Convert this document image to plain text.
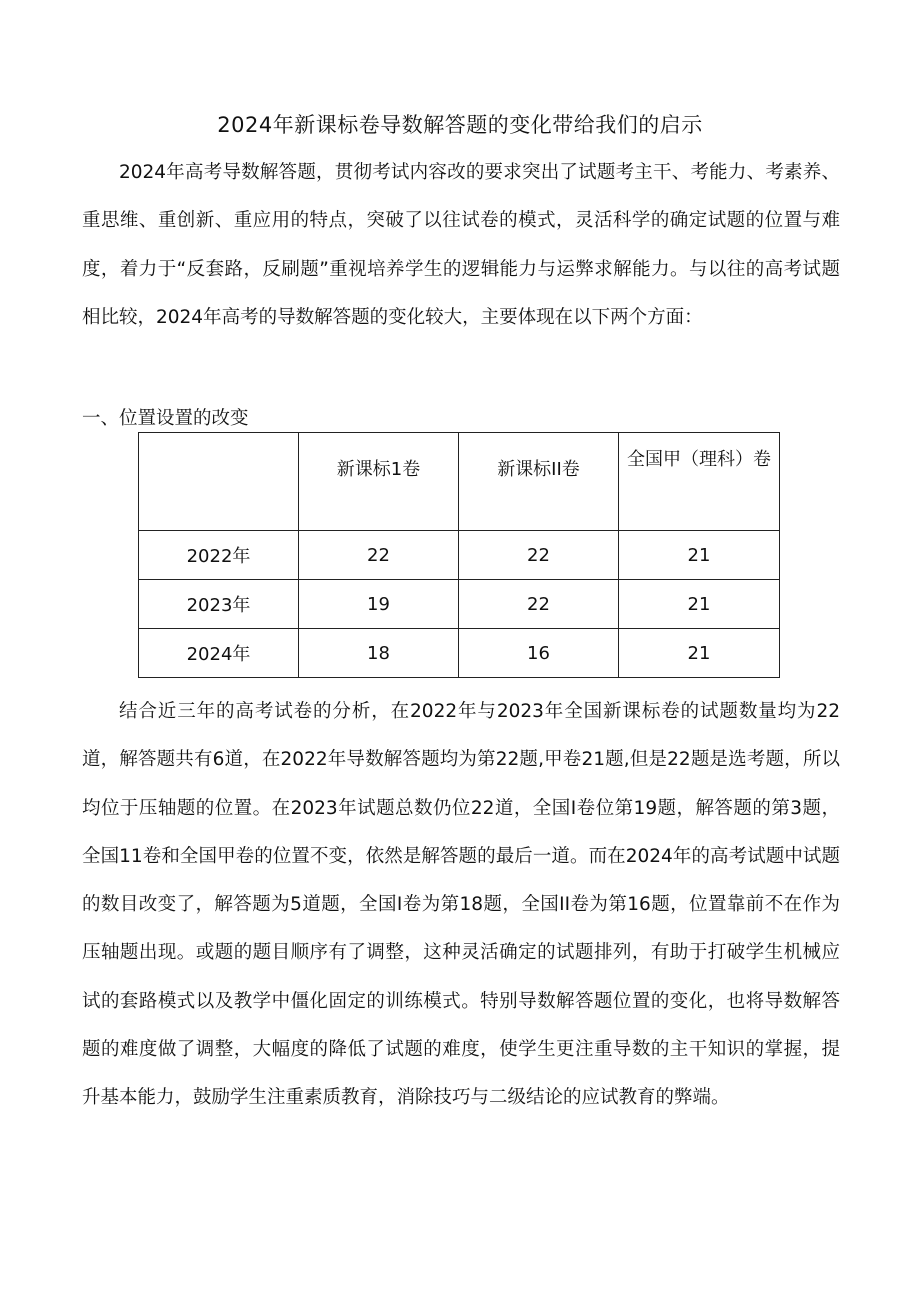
2024年新课标卷导数解答题的变化带给我们的启示

2024年高考导数解答题，贯彻考试内容改的要求突出了试题考主干、考能力、考素养、重思维、重创新、重应用的特点，突破了以往试卷的模式，灵活科学的确定试题的位置与难度，着力于“反套路，反刷题”重视培养学生的逻辑能力与运弊求解能力。与以往的高考试题相比较，2024年高考的导数解答题的变化较大，主要体现在以下两个方面：

一、位置设置的改变
	新课标1卷	新课标II卷	全国甲（理科）卷
2022年	22	22	21
2023年	19	22	21
2024年	18	16	21

结合近三年的高考试卷的分析，在2022年与2023年全国新课标卷的试题数量均为22道，解答题共有6道，在2022年导数解答题均为第22题,甲卷21题,但是22题是选考题，所以均位于压轴题的位置。在2023年试题总数仍位22道，全国I卷位第19题，解答题的第3题，全国11卷和全国甲卷的位置不变，依然是解答题的最后一道。而在2024年的高考试题中试题的数目改变了，解答题为5道题，全国I卷为第18题，全国II卷为第16题，位置靠前不在作为压轴题出现。或题的题目顺序有了调整，这种灵活确定的试题排列，有助于打破学生机械应试的套路模式以及教学中僵化固定的训练模式。特别导数解答题位置的变化，也将导数解答题的难度做了调整，大幅度的降低了试题的难度，使学生更注重导数的主干知识的掌握，提升基本能力，鼓励学生注重素质教育，消除技巧与二级结论的应试教育的弊端。
